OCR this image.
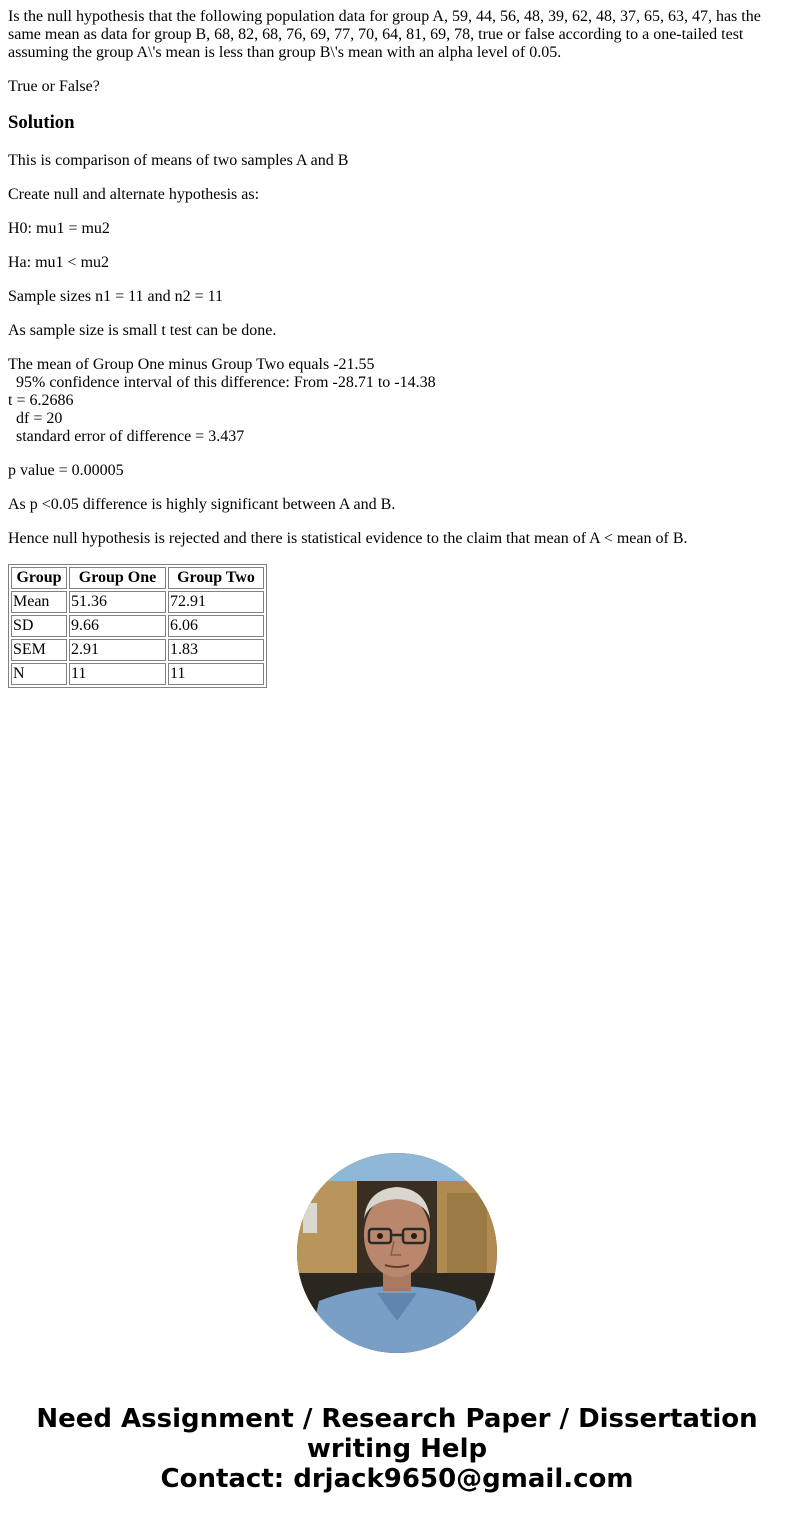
Is the null hypothesis that the following population data for group A, 59, 44, 56, 48, 39, 62, 48, 37, 65, 63, 47, has the same mean as data for group B, 68, 82, 68, 76, 69, 77, 70, 64, 81, 69, 78, true or false according to a one-tailed test assuming the group A\'s mean is less than group B\'s mean with an alpha level of 0.05.

True or False?

Solution

This is comparison of means of two samples A and B

Create null and alternate hypothesis as:

H0: mu1 = mu2

Ha: mu1 < mu2

Sample sizes n1 = 11 and n2 = 11

As sample size is small t test can be done.

The mean of Group One minus Group Two equals -21.55
95% confidence interval of this difference: From -28.71 to -14.38
t = 6.2686
df = 20
standard error of difference = 3.437

p value = 0.00005

As p <0.05 difference is highly significant between A and B.

Hence null hypothesis is rejected and there is statistical evidence to the claim that mean of A < mean of B.

Group	Group One	Group Two
Mean	51.36	72.91
SD	9.66	6.06
SEM	2.91	1.83
N	11	11
Need Assignment / Research Paper / Dissertation
writing Help
Contact: drjack9650@gmail.com
